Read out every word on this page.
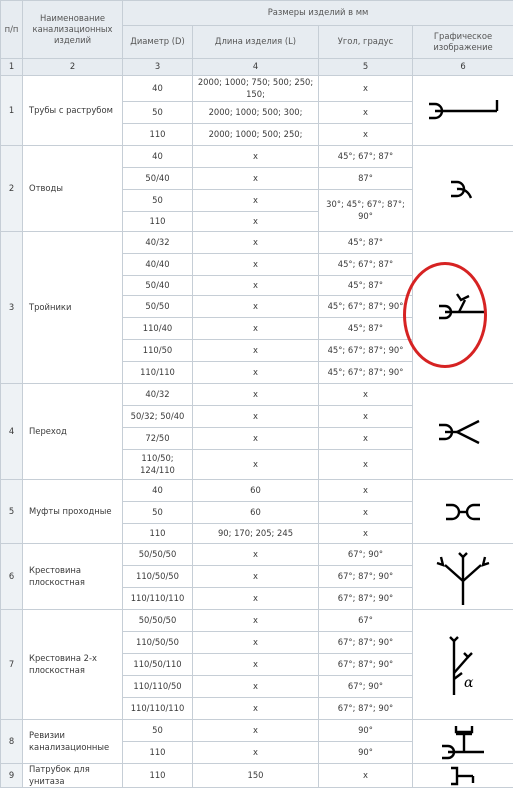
п/п	Наименование канализационных изделий	Размеры изделий в мм			
		Диаметр (D)	Длина изделия (L)	Угол, градус	Графическое изображение
1	2	3	4	5	6
1	Трубы с раструбом	40	2000; 1000; 750; 500; 250; 150;	x	

		50	2000; 1000; 500; 300;	x	
		110	2000; 1000; 500; 250;	x	
2	Отводы	40	x	45°; 67°; 87°	

		50/40	x	87°	
		50	x	30°; 45°; 67°; 87°; 90°	
		110	x		
3	Тройники	40/32	x	45°; 87°	

		40/40	x	45°; 67°; 87°	
		50/40	x	45°; 87°	
		50/50	x	45°; 67°; 87°; 90°	
		110/40	x	45°; 87°	
		110/50	x	45°; 67°; 87°; 90°	
		110/110	x	45°; 67°; 87°; 90°	
4	Переход	40/32	x	x	

		50/32; 50/40	x	x	
		72/50	x	x	
		110/50; 124/110	x	x	
5	Муфты проходные	40	60	x	

		50	60	x	
		110	90; 170; 205; 245	x	
6	Крестовина плоскостная	50/50/50	x	67°; 90°	

		110/50/50	x	67°; 87°; 90°	
		110/110/110	x	67°; 87°; 90°	
7	Крестовина 2-х плоскостная	50/50/50	x	67°	α

		110/50/50	x	67°; 87°; 90°	
		110/50/110	x	67°; 87°; 90°	
		110/110/50	x	67°; 90°	
		110/110/110	x	67°; 87°; 90°	
8	Ревизии канализационные	50	x	90°	

		110	x	90°	
9	Патрубок для унитаза	110	150	x	
